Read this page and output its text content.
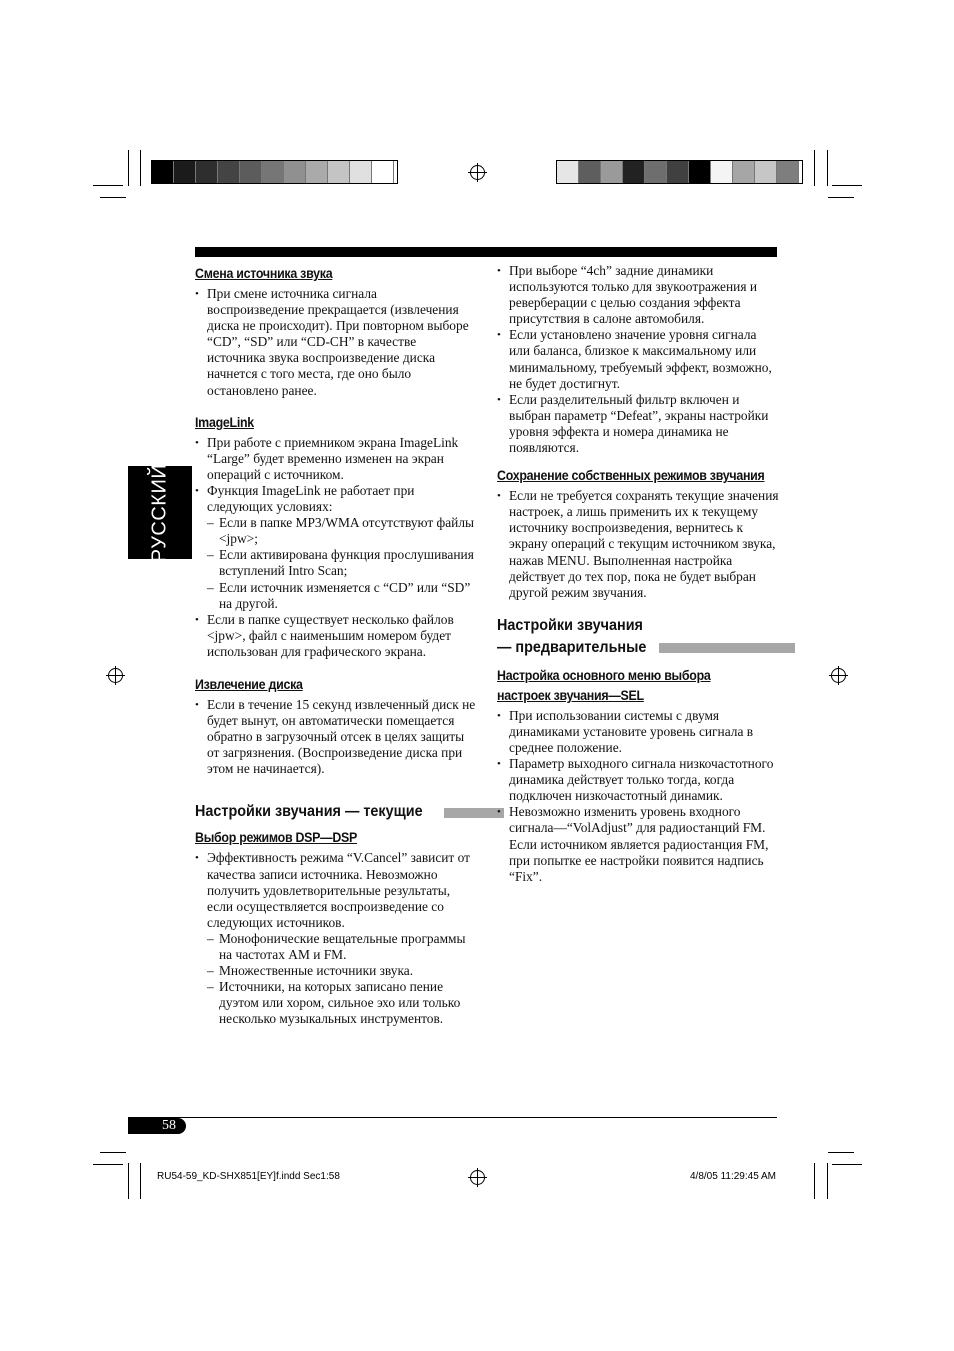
РУССКИЙ
Смена источника звука
• При смене источника сигнала воспроизведение прекращается (извлечения диска не происходит). При повторном выборе “CD”, “SD” или “CD-CH” в качестве источника звука воспроизведение диска начнется с того места, где оно было остановлено ранее.
ImageLink
• При работе с приемником экрана ImageLink “Large” будет временно изменен на экран операций с источником.
• Функция ImageLink не работает при следующих условиях:
– Если в папке MP3/WMA отсутствуют файлы <jpw>;
– Если активирована функция прослушивания вступлений Intro Scan;
– Если источник изменяется с “CD” или “SD” на другой.
• Если в папке существует несколько файлов <jpw>, файл с наименьшим номером будет использован для графического экрана.
Извлечение диска
• Если в течение 15 секунд извлеченный диск не будет вынут, он автоматически помещается обратно в загрузочный отсек в целях защиты от загрязнения. (Воспроизведение диска при этом не начинается).
Настройки звучания — текущие
Выбор режимов DSP—DSP
• Эффективность режима “V.Cancel” зависит от качества записи источника. Невозможно получить удовлетворительные результаты, если осуществляется воспроизведение со следующих источников.
– Монофонические вещательные программы на частотах AM и FM.
– Множественные источники звука.
– Источники, на которых записано пение дуэтом или хором, сильное эхо или только несколько музыкальных инструментов.
• При выборе “4ch” задние динамики используются только для звукоотражения и реверберации с целью создания эффекта присутствия в салоне автомобиля.
• Если установлено значение уровня сигнала или баланса, близкое к максимальному или минимальному, требуемый эффект, возможно, не будет достигнут.
• Если разделительный фильтр включен и выбран параметр “Defeat”, экраны настройки уровня эффекта и номера динамика не появляются.
Сохранение собственных режимов звучания
• Если не требуется сохранять текущие значения настроек, а лишь применить их к текущему источнику воспроизведения, вернитесь к экрану операций с текущим источником звука, нажав MENU. Выполненная настройка действует до тех пор, пока не будет выбран другой режим звучания.
Настройки звучания
— предварительные
Настройка основного меню выбора
настроек звучания—SEL
• При использовании системы с двумя динамиками установите уровень сигнала в среднее положение.
• Параметр выходного сигнала низкочастотного динамика действует только тогда, когда подключен низкочастотный динамик.
• Невозможно изменить уровень входного сигнала—“VolAdjust” для радиостанций FM. Если источником является радиостанция FM, при попытке ее настройки появится надпись “Fix”.
58
RU54-59_KD-SHX851[EY]f.indd Sec1:58	4/8/05 11:29:45 AM
